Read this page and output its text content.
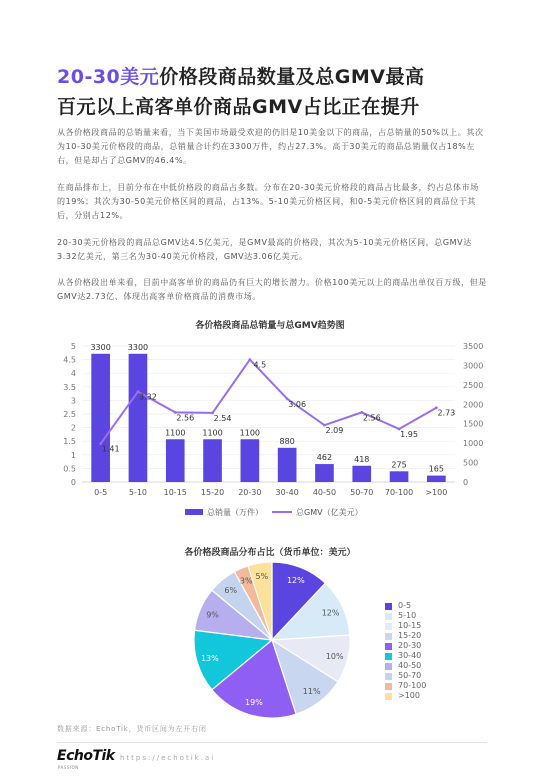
20-30美元价格段商品数量及总GMV最高
百元以上高客单价商品GMV占比正在提升

从各价格段商品的总销量来看，当下美国市场最受欢迎的仍旧是10美金以下的商品，占总销量的50%以上。其次为10-30美元价格段的商品，总销量合计约在3300万件，约占27.3%。高于30美元的商品总销量仅占18%左右，但是却占了总GMV的46.4%。

在商品排布上，目前分布在中低价格段的商品占多数。分布在20-30美元价格段的商品占比最多，约占总体市场的19%；其次为30-50美元价格区间的商品，占13%。5-10美元价格区间，和0-5美元价格区间的商品位于其后，分别占12%。

20-30美元价格段的商品总GMV达4.5亿美元，是GMV最高的价格段，其次为5-10美元价格区间，总GMV达3.32亿美元，第三名为30-40美元价格段，GMV达3.06亿美元。

从各价格段出单来看，目前中高客单价的商品仍有巨大的增长潜力。价格100美元以上的商品出单仅百万级，但是GMV达2.73亿、体现出高客单价格商品的消费市场。

各价格段商品总销量与总GMV趋势图
0
0.5
1
1.5
2
2.5
3
3.5
4
4.5
5
0
500
1000
1500
2000
2500
3000
3500
3300
0-5
3300
5-10
1100
10-15
1100
15-20
1100
20-30
880
30-40
462
40-50
418
50-70
275
70-100
165
>100
1.41
3.32
2.56 2.54
4.5
3.06
2.09
2.56
1.95
2.73
总销量（万件）	总GMV（亿美元）
各价格段商品分布占比（货币单位：美元）
12%
12%
10%
11%
19%
13%
9%
6%
3%
5%
0-5
5-10
10-15
15-20
20-30
30-40
40-50
50-70
70-100
>100
数据来源：EchoTik，货币区间为左开右闭
EchoTik
PASSION
https://echotik.ai
